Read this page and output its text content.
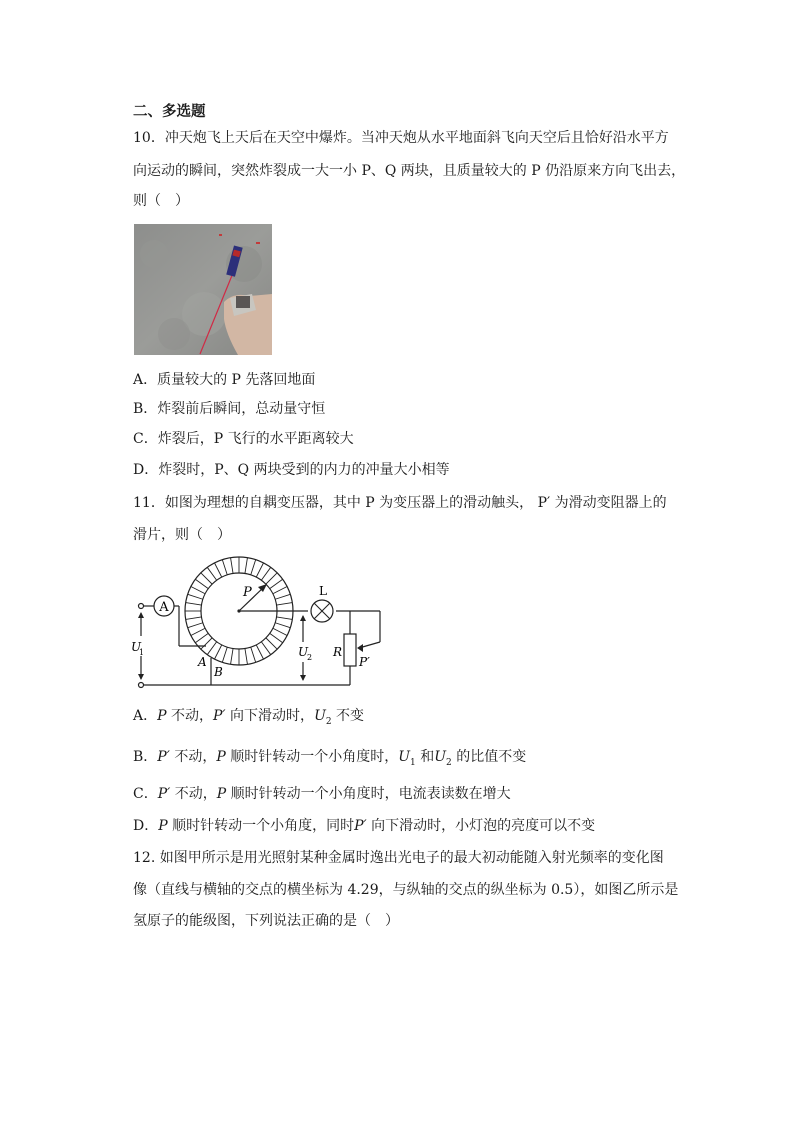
二、多选题
10．冲天炮飞上天后在天空中爆炸。当冲天炮从水平地面斜飞向天空后且恰好沿水平方
向运动的瞬间，突然炸裂成一大一小 P、Q 两块，且质量较大的 P 仍沿原来方向飞出去，
则（　）
A．质量较大的 P 先落回地面
B．炸裂前后瞬间，总动量守恒
C．炸裂后，P 飞行的水平距离较大
D．炸裂时，P、Q 两块受到的内力的冲量大小相等
11．如图为理想的自耦变压器，其中 P 为变压器上的滑动触头， P′ 为滑动变阻器上的
滑片，则（　）
A
L
P
U
1	U
2 R
P′
A
B
A．P 不动，P′ 向下滑动时，$U_2$ 不变
B．P′ 不动，P 顺时针转动一个小角度时，$U_1$ 和$U_2$ 的比值不变
C．P′ 不动，P 顺时针转动一个小角度时，电流表读数在增大
D．P 顺时针转动一个小角度，同时P′ 向下滑动时，小灯泡的亮度可以不变
12. 如图甲所示是用光照射某种金属时逸出光电子的最大初动能随入射光频率的变化图
像（直线与横轴的交点的横坐标为 4.29，与纵轴的交点的纵坐标为 0.5），如图乙所示是
氢原子的能级图，下列说法正确的是（　）
